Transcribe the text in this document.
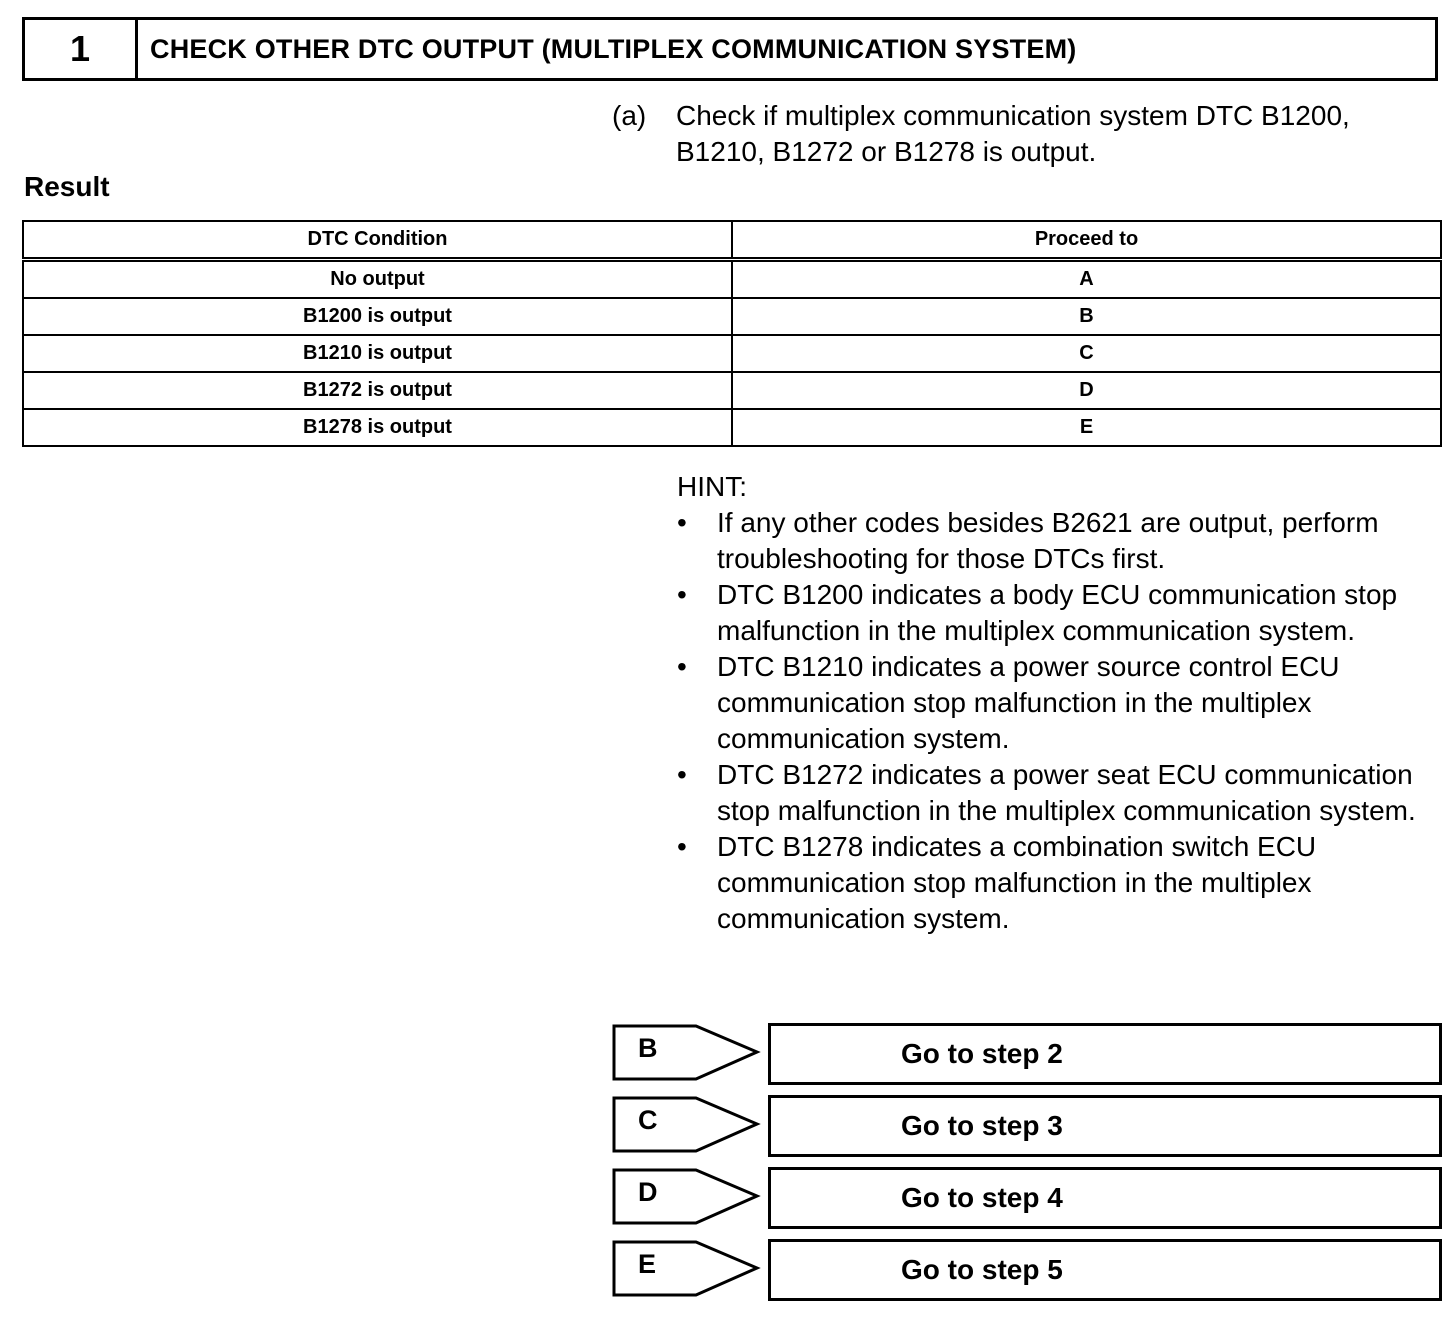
1	CHECK OTHER DTC OUTPUT (MULTIPLEX COMMUNICATION SYSTEM)
(a)	Check if multiplex communication system DTC B1200, B1210, B1272 or B1278 is output.
Result
DTC Condition	Proceed to
No output	A
B1200 is output	B
B1210 is output	C
B1272 is output	D
B1278 is output	E
HINT:
• If any other codes besides B2621 are output, perform troubleshooting for those DTCs first.
• DTC B1200 indicates a body ECU communication stop malfunction in the multiplex communication system.
• DTC B1210 indicates a power source control ECU communication stop malfunction in the multiplex communication system.
• DTC B1272 indicates a power seat ECU communication stop malfunction in the multiplex communication system.
• DTC B1278 indicates a combination switch ECU communication stop malfunction in the multiplex communication system.
B	Go to step 2
C	Go to step 3
D	Go to step 4
E	Go to step 5
